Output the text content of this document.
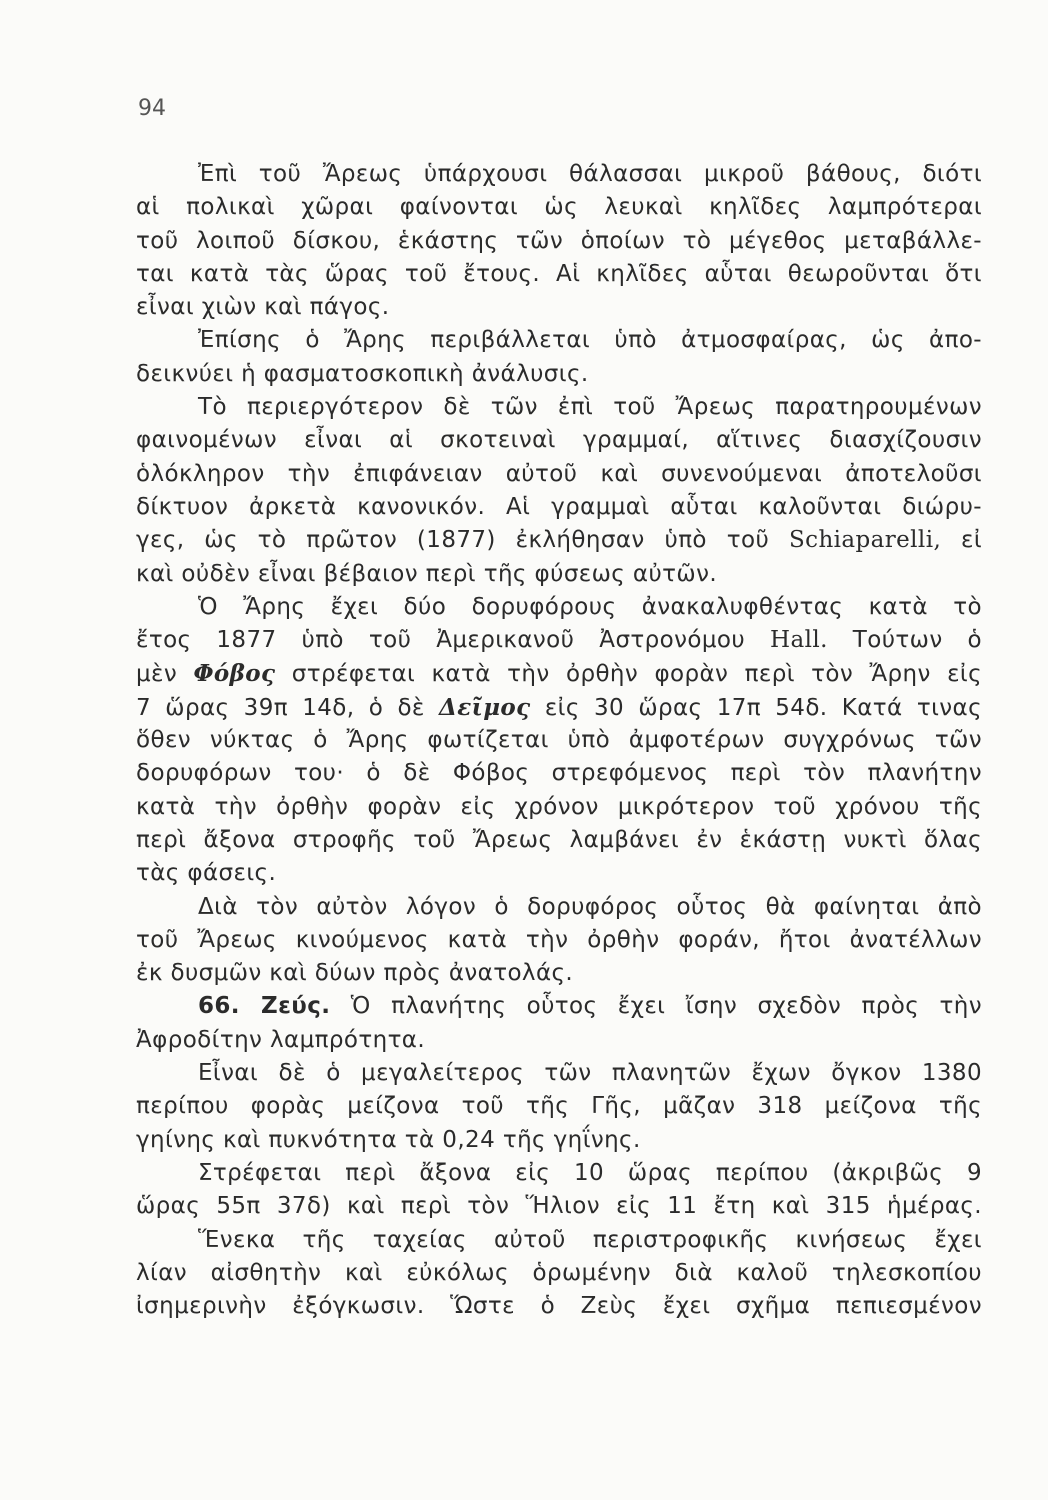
94
Ἐπὶ τοῦ Ἄρεως ὑπάρχουσι θάλασσαι μικροῦ βάθους, διότι
αἱ πολικαὶ χῶραι φαίνονται ὡς λευκαὶ κηλῖδες λαμπρότεραι
τοῦ λοιποῦ δίσκου, ἑκάστης τῶν ὁποίων τὸ μέγεθος μεταβάλλε-
ται κατὰ τὰς ὥρας τοῦ ἔτους. Αἱ κηλῖδες αὗται θεωροῦνται ὅτι
εἶναι χιὼν καὶ πάγος.
Ἐπίσης ὁ Ἄρης περιβάλλεται ὑπὸ ἀτμοσφαίρας, ὡς ἀπο-
δεικνύει ἡ φασματοσκοπικὴ ἀνάλυσις.
Τὸ περιεργότερον δὲ τῶν ἐπὶ τοῦ Ἄρεως παρατηρουμένων
φαινομένων εἶναι αἱ σκοτειναὶ γραμμαί, αἵτινες διασχίζουσιν
ὁλόκληρον τὴν ἐπιφάνειαν αὐτοῦ καὶ συνενούμεναι ἀποτελοῦσι
δίκτυον ἀρκετὰ κανονικόν. Αἱ γραμμαὶ αὗται καλοῦνται διώρυ-
γες, ὡς τὸ πρῶτον (1877) ἐκλήθησαν ὑπὸ τοῦ Schiaparelli, εἰ
καὶ οὐδὲν εἶναι βέβαιον περὶ τῆς φύσεως αὐτῶν.
Ὁ Ἄρης ἔχει δύο δορυφόρους ἀνακαλυφθέντας κατὰ τὸ
ἔτος 1877 ὑπὸ τοῦ Ἀμερικανοῦ Ἀστρονόμου Hall. Τούτων ὁ
μὲν Φόβος στρέφεται κατὰ τὴν ὀρθὴν φορὰν περὶ τὸν Ἄρην εἰς
7 ὥρας 39π 14δ, ὁ δὲ Δεῖμος εἰς 30 ὥρας 17π 54δ. Κατά τινας
ὅθεν νύκτας ὁ Ἄρης φωτίζεται ὑπὸ ἀμφοτέρων συγχρόνως τῶν
δορυφόρων του· ὁ δὲ Φόβος στρεφόμενος περὶ τὸν πλανήτην
κατὰ τὴν ὀρθὴν φορὰν εἰς χρόνον μικρότερον τοῦ χρόνου τῆς
περὶ ἄξονα στροφῆς τοῦ Ἄρεως λαμβάνει ἐν ἑκάστῃ νυκτὶ ὅλας
τὰς φάσεις.
Διὰ τὸν αὐτὸν λόγον ὁ δορυφόρος οὗτος θὰ φαίνηται ἀπὸ
τοῦ Ἄρεως κινούμενος κατὰ τὴν ὀρθὴν φοράν, ἤτοι ἀνατέλλων
ἐκ δυσμῶν καὶ δύων πρὸς ἀνατολάς.
66. Ζεύς. Ὁ πλανήτης οὗτος ἔχει ἴσην σχεδὸν πρὸς τὴν
Ἀφροδίτην λαμπρότητα.
Εἶναι δὲ ὁ μεγαλείτερος τῶν πλανητῶν ἔχων ὄγκον 1380
περίπου φορὰς μείζονα τοῦ τῆς Γῆς, μᾶζαν 318 μείζονα τῆς
γηίνης καὶ πυκνότητα τὰ 0,24 τῆς γηΐνης.
Στρέφεται περὶ ἄξονα εἰς 10 ὥρας περίπου (ἀκριβῶς 9
ὥρας 55π 37δ) καὶ περὶ τὸν Ἥλιον εἰς 11 ἔτη καὶ 315 ἡμέρας.
Ἕνεκα τῆς ταχείας αὐτοῦ περιστροφικῆς κινήσεως ἔχει
λίαν αἰσθητὴν καὶ εὐκόλως ὁρωμένην διὰ καλοῦ τηλεσκοπίου
ἰσημερινὴν ἐξόγκωσιν. Ὥστε ὁ Ζεὺς ἔχει σχῆμα πεπιεσμένον
